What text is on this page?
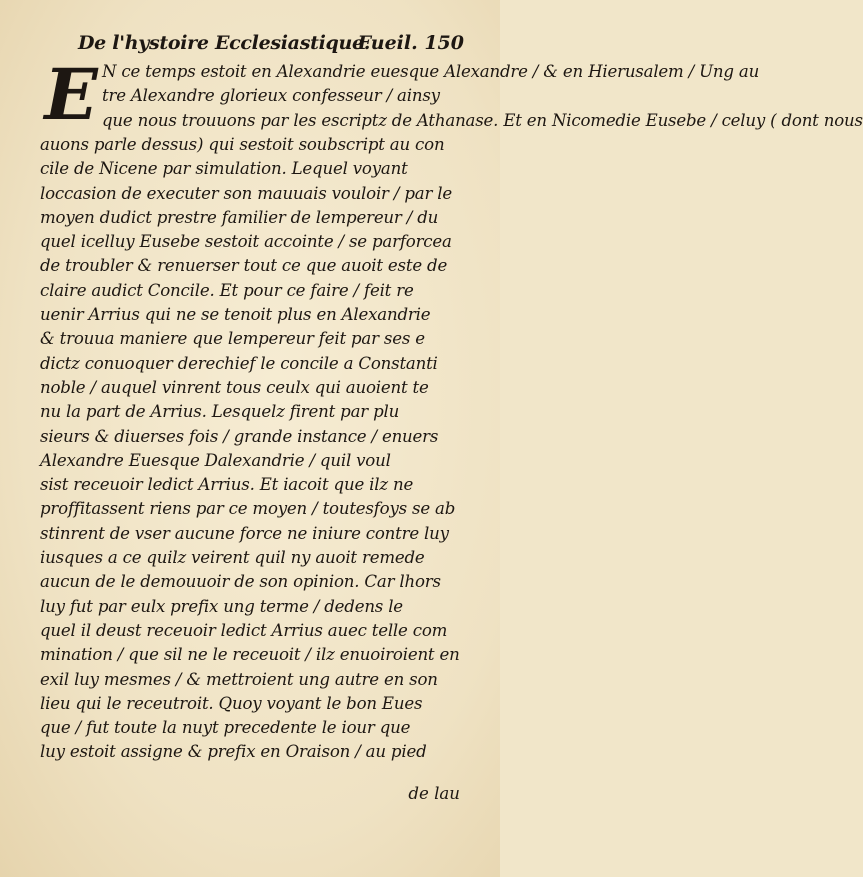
De l'hystoire Ecclesiastique.
Fueil. 150
E N ce temps estoit en Alexandrie euesque Alexandre / & en Hierusalem / Ung au
tre Alexandre glorieux confesseur / ainsy
que nous trouuons par les escriptz de Athanase. Et en Nicomedie Eusebe / celuy ( dont nous
auons parle dessus) qui sestoit soubscript au con
cile de Nicene par simulation. Lequel voyant
loccasion de executer son mauuais vouloir / par le
moyen dudict prestre familier de lempereur / du
quel icelluy Eusebe sestoit accointe / se parforcea
de troubler & renuerser tout ce que auoit este de
claire audict Concile. Et pour ce faire / feit re
uenir Arrius qui ne se tenoit plus en Alexandrie
& trouua maniere que lempereur feit par ses e
dictz conuoquer derechief le concile a Constanti
noble / auquel vinrent tous ceulx qui auoient te
nu la part de Arrius. Lesquelz firent par plu
sieurs & diuerses fois / grande instance / enuers
Alexandre Euesque Dalexandrie / quil voul
sist receuoir ledict Arrius. Et iacoit que ilz ne
proffitassent riens par ce moyen / toutesfoys se ab
stinrent de vser aucune force ne iniure contre luy
iusques a ce quilz veirent quil ny auoit remede
aucun de le demouuoir de son opinion. Car lhors
luy fut par eulx prefix ung terme / dedens le
quel il deust receuoir ledict Arrius auec telle com
mination / que sil ne le receuoit / ilz enuoiroient en
exil luy mesmes / & mettroient ung autre en son
lieu qui le receutroit. Quoy voyant le bon Eues
que / fut toute la nuyt precedente le iour que
luy estoit assigne & prefix en Oraison / au pied
de lau
